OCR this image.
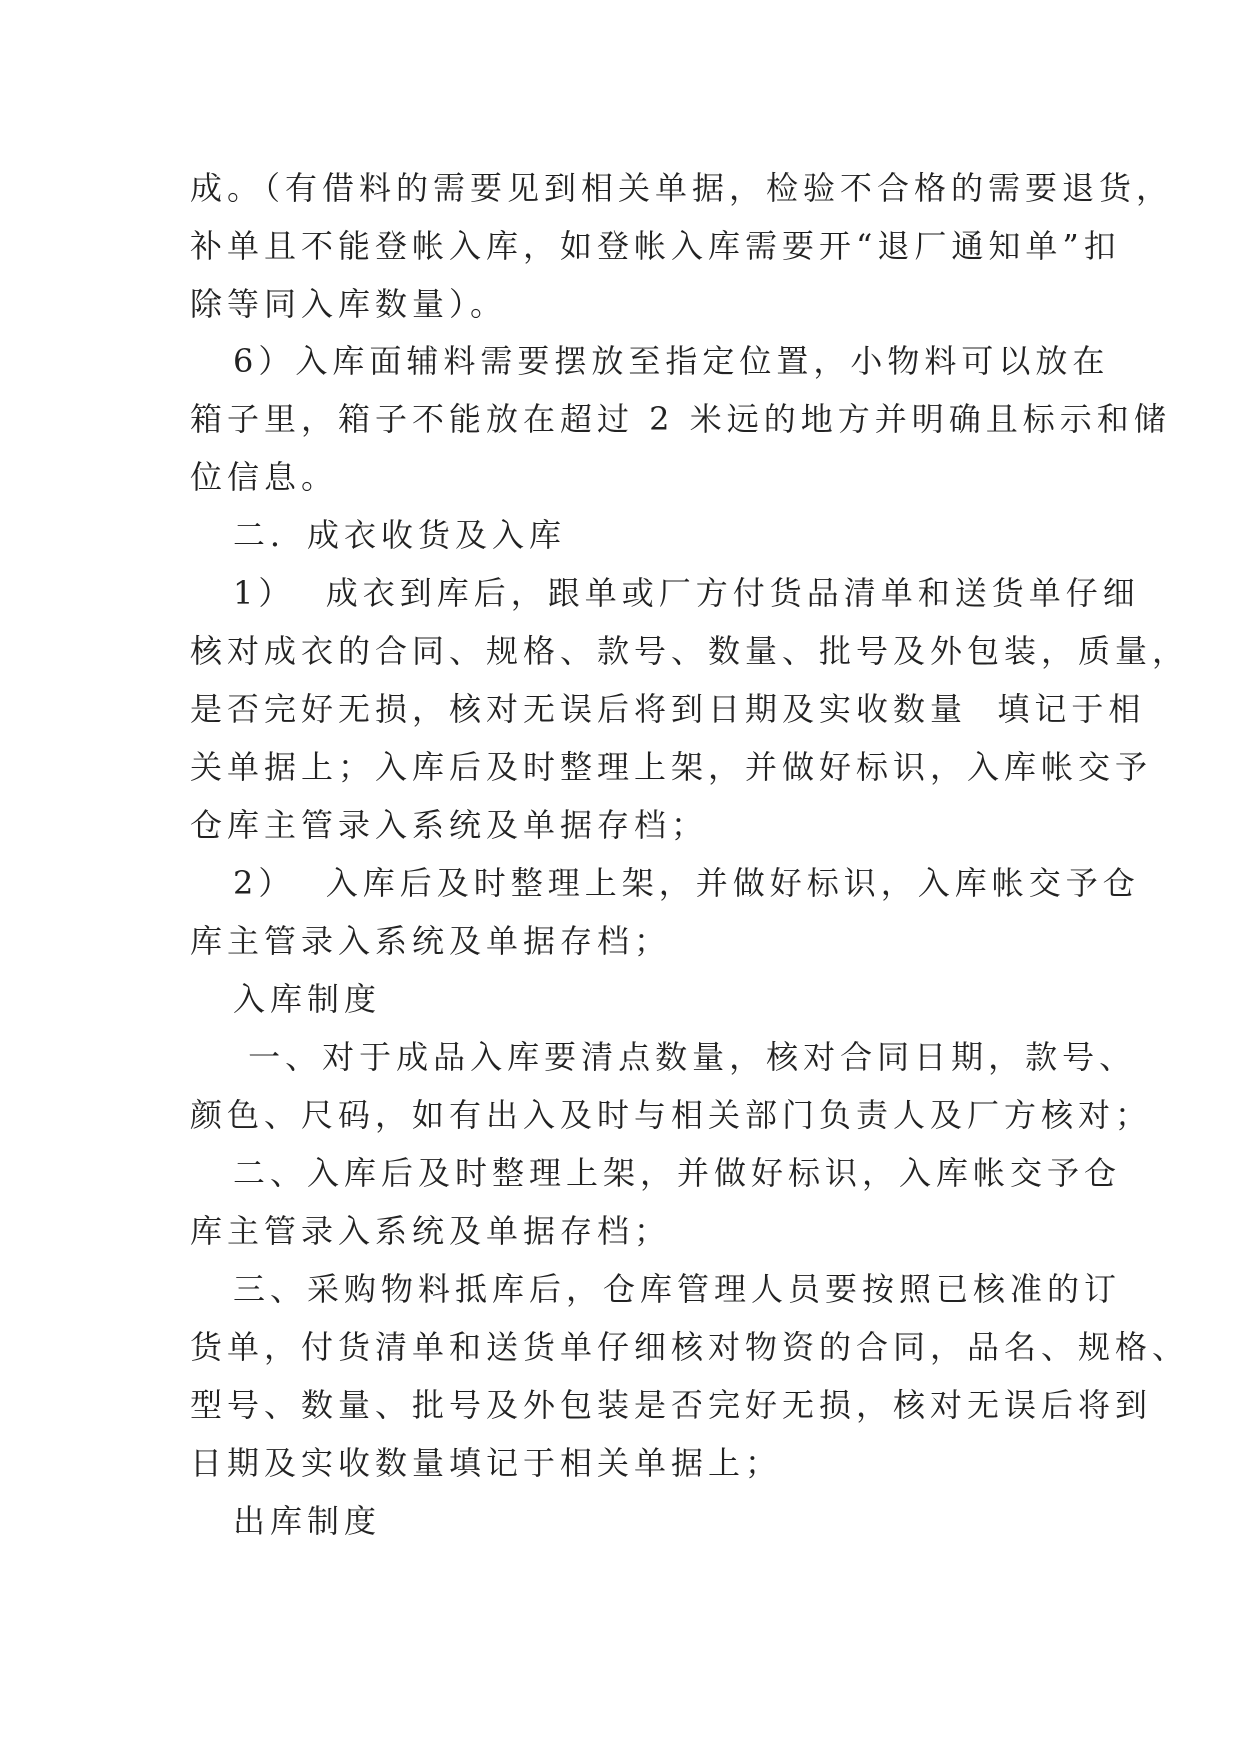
成。（有借料的需要见到相关单据，检验不合格的需要退货，

补单且不能登帐入库，如登帐入库需要开“退厂通知单”扣

除等同入库数量）。

6）入库面辅料需要摆放至指定位置，小物料可以放在

箱子里，箱子不能放在超过 2 米远的地方并明确且标示和储

位信息。

二．成衣收货及入库

1）  成衣到库后，跟单或厂方付货品清单和送货单仔细

核对成衣的合同、规格、款号、数量、批号及外包装，质量，

是否完好无损，核对无误后将到日期及实收数量  填记于相

关单据上；入库后及时整理上架，并做好标识，入库帐交予

仓库主管录入系统及单据存档；

2）  入库后及时整理上架，并做好标识，入库帐交予仓

库主管录入系统及单据存档；

入库制度

一、对于成品入库要清点数量，核对合同日期，款号、

颜色、尺码，如有出入及时与相关部门负责人及厂方核对；

二、入库后及时整理上架，并做好标识，入库帐交予仓

库主管录入系统及单据存档；

三、采购物料抵库后，仓库管理人员要按照已核准的订

货单，付货清单和送货单仔细核对物资的合同，品名、规格、

型号、数量、批号及外包装是否完好无损，核对无误后将到

日期及实收数量填记于相关单据上；

出库制度
